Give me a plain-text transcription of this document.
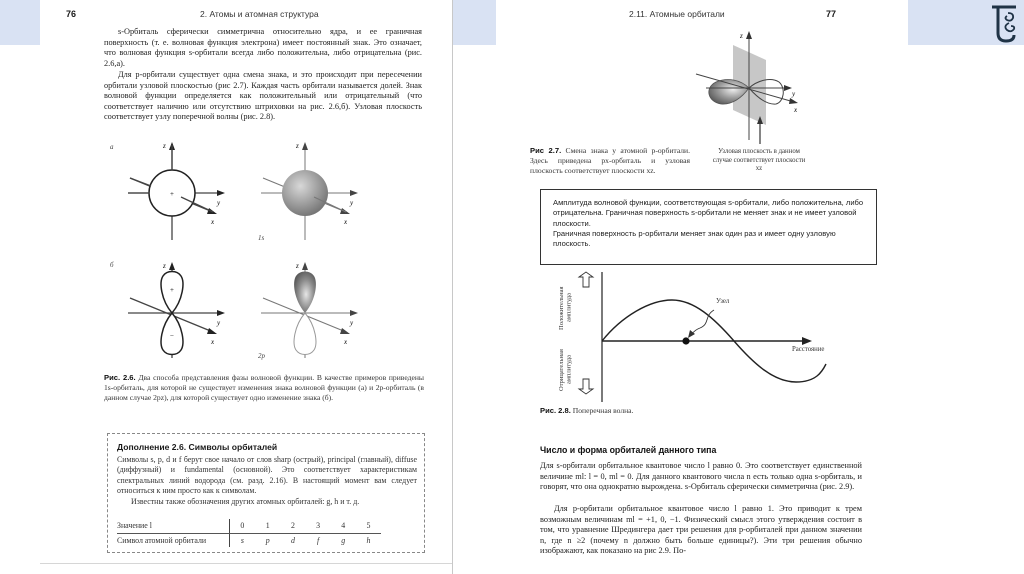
76	2. Атомы и атомная структура
s-Орбиталь сферически симметрична относительно ядра, и ее граничная поверхность (т. е. волновая функция электрона) имеет постоянный знак. Это означает, что волновая функция s-орбитали всегда либо положительна, либо отрицательна (рис. 2.6,а).
Для p-орбитали существует одна смена знака, и это происходит при пересечении орбитали узловой плоскостью (рис 2.7). Каждая часть орбитали называется долей. Знак волновой функции определяется как положительный или отрицательный (что соответствует наличию или отсутствию штриховки на рис. 2.6,б). Узловая плоскость соответствует узлу поперечной волны (рис. 2.8).
а
б
1s
2p
+
z
y
x
z
y
x
+
−
z
y
x
z
y
x
Рис. 2.6. Два способа представления фазы волновой функции. В качестве примеров приведены 1s-орбиталь, для которой не существует изменения знака волновой функции (а) и 2p-орбиталь (в данном случае 2pz), для которой существует одно изменение знака (б).
Дополнение 2.6. Символы орбиталей
Символы s, p, d и f берут свое начало от слов sharp (острый), principal (главный), diffuse (диффузный) и fundamental (основной). Это соответствует характеристикам спектральных линий водорода (см. разд. 2.16). В настоящий момент вам следует относиться к ним просто как к символам.
Известны также обозначения других атомных орбиталей: g, h и т. д.
Значение l	0	1	2	3	4	5
Символ атомной орбитали	s	p	d	f	g	h
2.11. Атомные орбитали	77
z
y
x
Узловая плоскость в данном случае соответствует плоскости xz
Рис 2.7. Смена знака у атомной p-орбитали. Здесь приведена px-орбиталь и узловая плоскость соответствует плоскости xz.
Амплитуда волновой функции, соответствующая s-орбитали, либо положительна, либо отрицательна. Граничная поверхность s-орбитали не меняет знак и не имеет узловой плоскости.
Граничная поверхность p-орбитали меняет знак один раз и имеет одну узловую плоскость.
Положительная амплитуда
Отрицательная амплитуда
Узел
Расстояние
Рис. 2.8. Поперечная волна.
Число и форма орбиталей данного типа
Для s-орбитали орбитальное квантовое число l равно 0. Это соответствует единственной величине ml: l = 0, ml = 0. Для данного квантового числа n есть только одна s-орбиталь, и говорят, что она однократно вырождена. s-Орбиталь сферически симметрична (рис. 2.9).
Для p-орбитали орбитальное квантовое число l равно 1. Это приводит к трем возможным величинам ml = +1, 0, −1. Физический смысл этого утверждения состоит в том, что уравнение Шредингера дает три решения для p-орбиталей при данном значении n, где n ≥2 (почему n должно быть больше единицы?). Эти три решения обычно изображают, как показано на рис 2.9. По-
